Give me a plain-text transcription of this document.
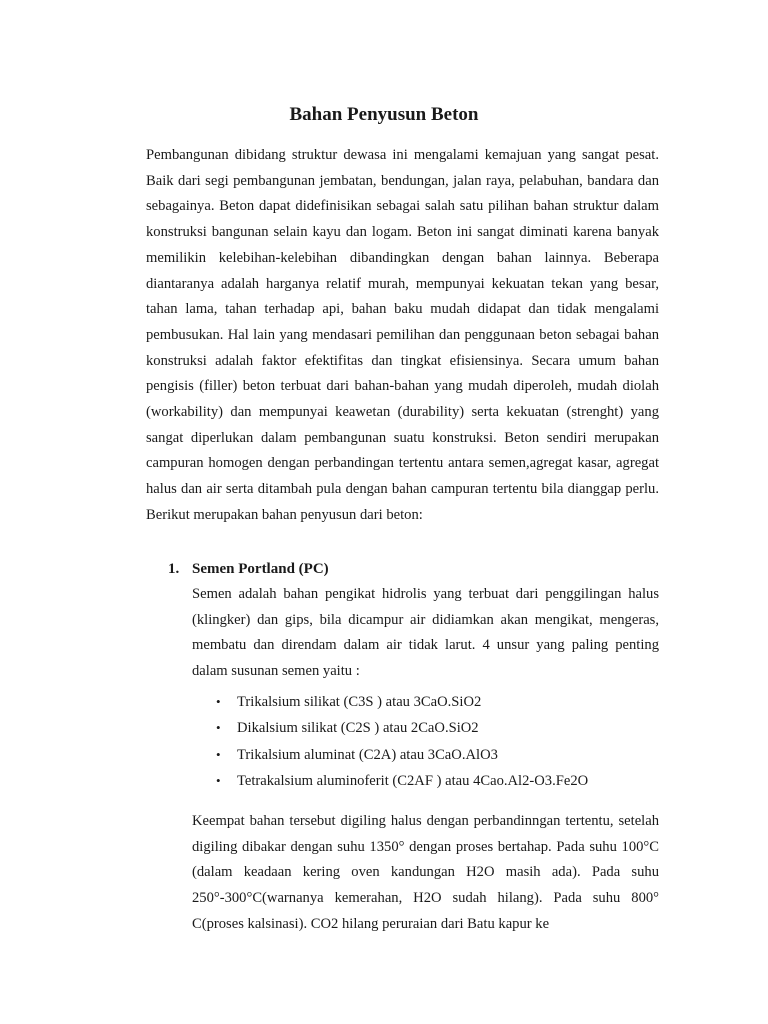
Bahan Penyusun Beton

Pembangunan dibidang struktur dewasa ini mengalami kemajuan yang sangat pesat. Baik dari segi pembangunan jembatan, bendungan, jalan raya, pelabuhan, bandara dan sebagainya. Beton dapat didefinisikan sebagai salah satu pilihan bahan struktur dalam konstruksi bangunan selain kayu dan logam. Beton ini sangat diminati karena banyak memilikin kelebihan-kelebihan dibandingkan dengan bahan lainnya. Beberapa diantaranya adalah harganya relatif murah, mempunyai kekuatan tekan yang besar, tahan lama, tahan terhadap api, bahan baku mudah didapat dan tidak mengalami pembusukan. Hal lain yang mendasari pemilihan dan penggunaan beton sebagai bahan konstruksi adalah faktor efektifitas dan tingkat efisiensinya. Secara umum bahan pengisis (filler) beton terbuat dari bahan-bahan yang mudah diperoleh, mudah diolah (workability) dan mempunyai keawetan (durability) serta kekuatan (strenght) yang sangat diperlukan dalam pembangunan suatu konstruksi. Beton sendiri merupakan campuran homogen dengan perbandingan tertentu antara semen,agregat kasar, agregat halus dan air serta ditambah pula dengan bahan campuran tertentu bila dianggap perlu. Berikut merupakan bahan penyusun dari beton:

1. Semen Portland (PC)

Semen adalah bahan pengikat hidrolis yang terbuat dari penggilingan halus (klingker) dan gips, bila dicampur air didiamkan akan mengikat, mengeras, membatu dan direndam dalam air tidak larut. 4 unsur yang paling penting dalam susunan semen yaitu :

•	Trikalsium silikat (C3S ) atau 3CaO.SiO2
•	Dikalsium silikat (C2S ) atau 2CaO.SiO2
•	Trikalsium aluminat (C2A) atau 3CaO.AlO3
•	Tetrakalsium aluminoferit (C2AF ) atau 4Cao.Al2-O3.Fe2O

Keempat bahan tersebut digiling halus dengan perbandinngan tertentu, setelah digiling dibakar dengan suhu 1350° dengan proses bertahap. Pada suhu 100°C (dalam keadaan kering oven kandungan H2O masih ada). Pada suhu 250°-300°C(warnanya kemerahan, H2O sudah hilang). Pada suhu 800° C(proses kalsinasi). CO2 hilang peruraian dari Batu kapur ke
